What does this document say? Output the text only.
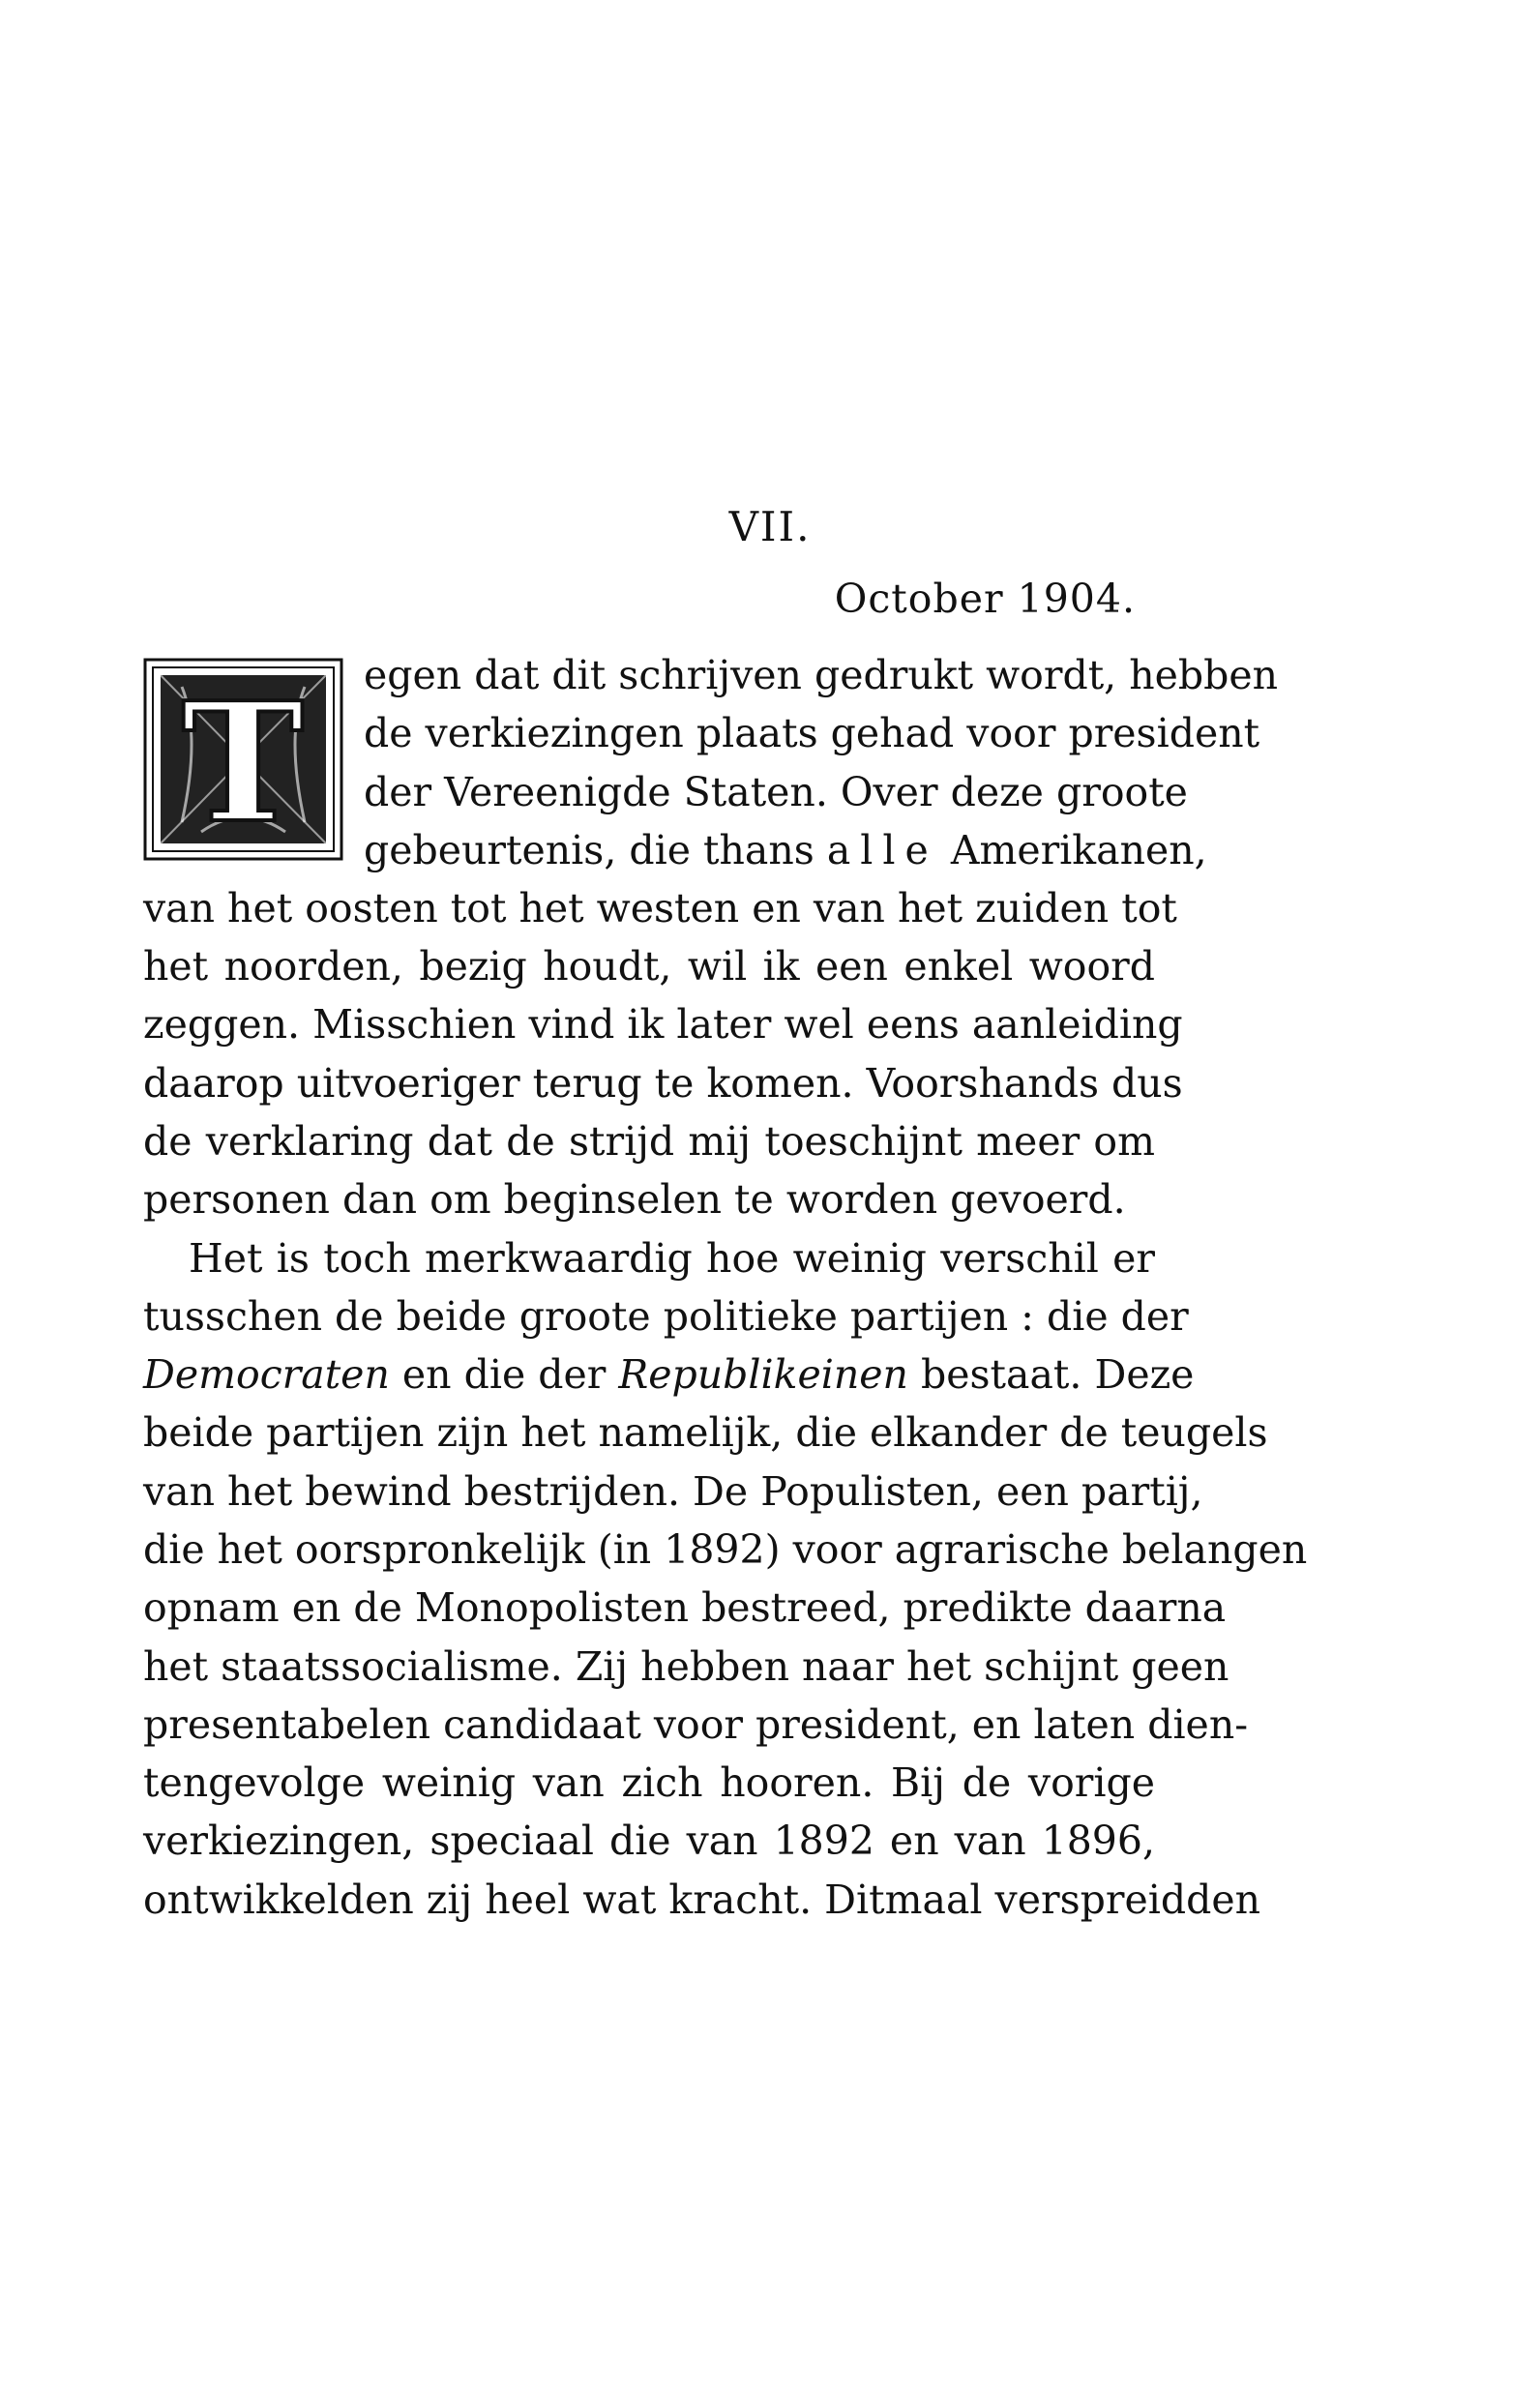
VII.
October 1904.
T egen dat dit schrijven gedrukt wordt, hebben
de verkiezingen plaats gehad voor president
der Vereenigde Staten. Over deze groote
gebeurtenis, die thans alle Amerikanen,
van het oosten tot het westen en van het zuiden tot
het noorden, bezig houdt, wil ik een enkel woord
zeggen. Misschien vind ik later wel eens aanleiding
daarop uitvoeriger terug te komen. Voorshands dus
de verklaring dat de strijd mij toeschijnt meer om
personen dan om beginselen te worden gevoerd.
Het is toch merkwaardig hoe weinig verschil er
tusschen de beide groote politieke partijen : die der
Democraten en die der Republikeinen bestaat. Deze
beide partijen zijn het namelijk, die elkander de teugels
van het bewind bestrijden. De Populisten, een partij,
die het oorspronkelijk (in 1892) voor agrarische belangen
opnam en de Monopolisten bestreed, predikte daarna
het staatssocialisme. Zij hebben naar het schijnt geen
presentabelen candidaat voor president, en laten dien-
tengevolge weinig van zich hooren. Bij de vorige
verkiezingen, speciaal die van 1892 en van 1896,
ontwikkelden zij heel wat kracht. Ditmaal verspreidden
